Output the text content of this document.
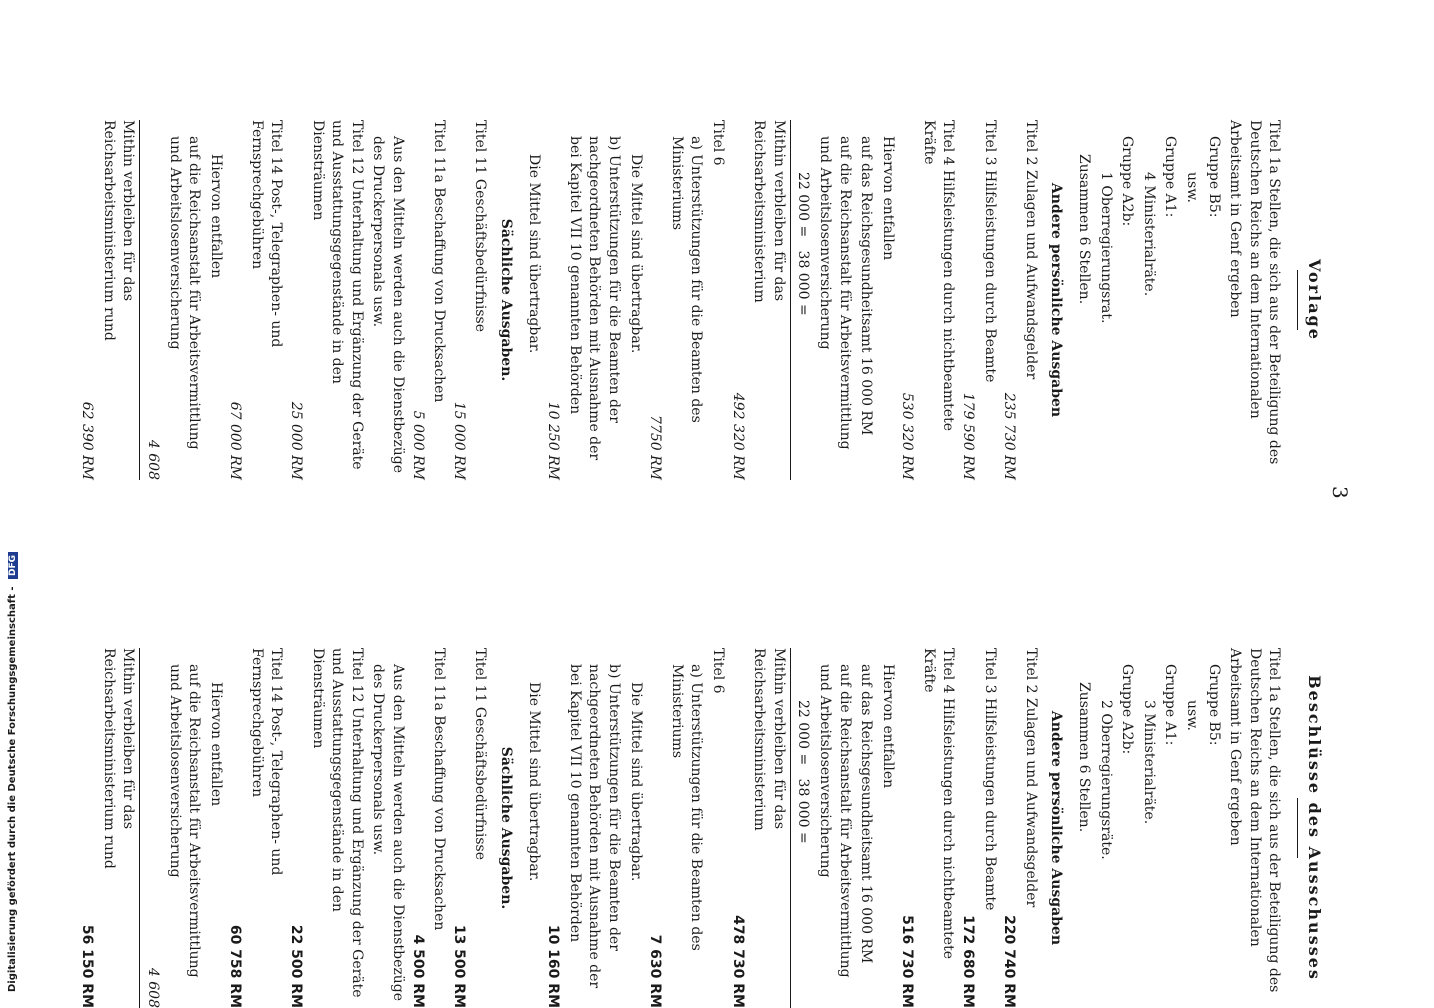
3
Vorlage
Titel 1a Stellen, die sich aus der Beteiligung des Deutschen Reichs an dem Internationalen Arbeitsamt in Genf ergeben
Gruppe B5:
usw.
Gruppe A1:
4 Ministerialräte.
Gruppe A2b:
1 Oberregierungsrat.
Zusammen 6 Stellen.
Andere persönliche Ausgaben
Titel 2 Zulagen und Aufwandsgelder
235 730 RM
Titel 3 Hilfsleistungen durch Beamte
179 590 RM
Titel 4 Hilfsleistungen durch nichtbeamtete Kräfte
530 320 RM
Hiervon entfallen
auf das Reichsgesundheitsamt 16 000 RM
auf die Reichsanstalt für Arbeitsvermittlung und Arbeitslosenversicherung
22 000 =   38 000 =
Mithin verbleiben für das Reichsarbeitsministerium
492 320 RM
Titel 6
a) Unterstützungen für die Beamten des Ministeriums
7750 RM
Die Mittel sind übertragbar.
b) Unterstützungen für die Beamten der nachgeordneten Behörden mit Ausnahme der bei Kapitel VII 10 genannten Behörden
10 250 RM
Die Mittel sind übertragbar.
Sächliche Ausgaben.
Titel 11 Geschäftsbedürfnisse
15 000 RM
Titel 11a Beschaffung von Drucksachen
5 000 RM
Aus den Mitteln werden auch die Dienstbezüge des Druckerpersonals usw.
Titel 12 Unterhaltung und Ergänzung der Geräte und Ausstattungsgegenstände in den Diensträumen
25 000 RM
Titel 14 Post-, Telegraphen- und Fernsprechgebühren
67 000 RM
Hiervon entfallen
auf die Reichsanstalt für Arbeitsvermittlung und Arbeitslosenversicherung
4 608
Mithin verbleiben für das Reichsarbeitsministerium rund
62 390 RM
Beschlüsse des Ausschusses
Titel 1a Stellen, die sich aus der Beteiligung des Deutschen Reichs an dem Internationalen Arbeitsamt in Genf ergeben
Gruppe B5:
usw.
Gruppe A1:
3 Ministerialräte.
Gruppe A2b:
2 Oberregierungsräte.
Zusammen 6 Stellen.
Andere persönliche Ausgaben
Titel 2 Zulagen und Aufwandsgelder
220 740 RM
Titel 3 Hilfsleistungen durch Beamte
172 680 RM
Titel 4 Hilfsleistungen durch nichtbeamtete Kräfte
516 730 RM
Hiervon entfallen
auf das Reichsgesundheitsamt 16 000 RM
auf die Reichsanstalt für Arbeitsvermittlung und Arbeitslosenversicherung
22 000 =   38 000 =
Mithin verbleiben für das Reichsarbeitsministerium
478 730 RM
Titel 6
a) Unterstützungen für die Beamten des Ministeriums
7 630 RM
Die Mittel sind übertragbar.
b) Unterstützungen für die Beamten der nachgeordneten Behörden mit Ausnahme der bei Kapitel VII 10 genannten Behörden
10 160 RM
Die Mittel sind übertragbar.
Sächliche Ausgaben.
Titel 11 Geschäftsbedürfnisse
13 500 RM
Titel 11a Beschaffung von Drucksachen
4 500 RM
Aus den Mitteln werden auch die Dienstbezüge des Druckerpersonals usw.
Titel 12 Unterhaltung und Ergänzung der Geräte und Ausstattungsgegenstände in den Diensträumen
22 500 RM
Titel 14 Post-, Telegraphen- und Fernsprechgebühren
60 758 RM
Hiervon entfallen
auf die Reichsanstalt für Arbeitsvermittlung und Arbeitslosenversicherung
4 608
Mithin verbleiben für das Reichsarbeitsministerium rund
56 150 RM
Digitalisierung gefördert durch die Deutsche Forschungsgemeinschaft - DFG
